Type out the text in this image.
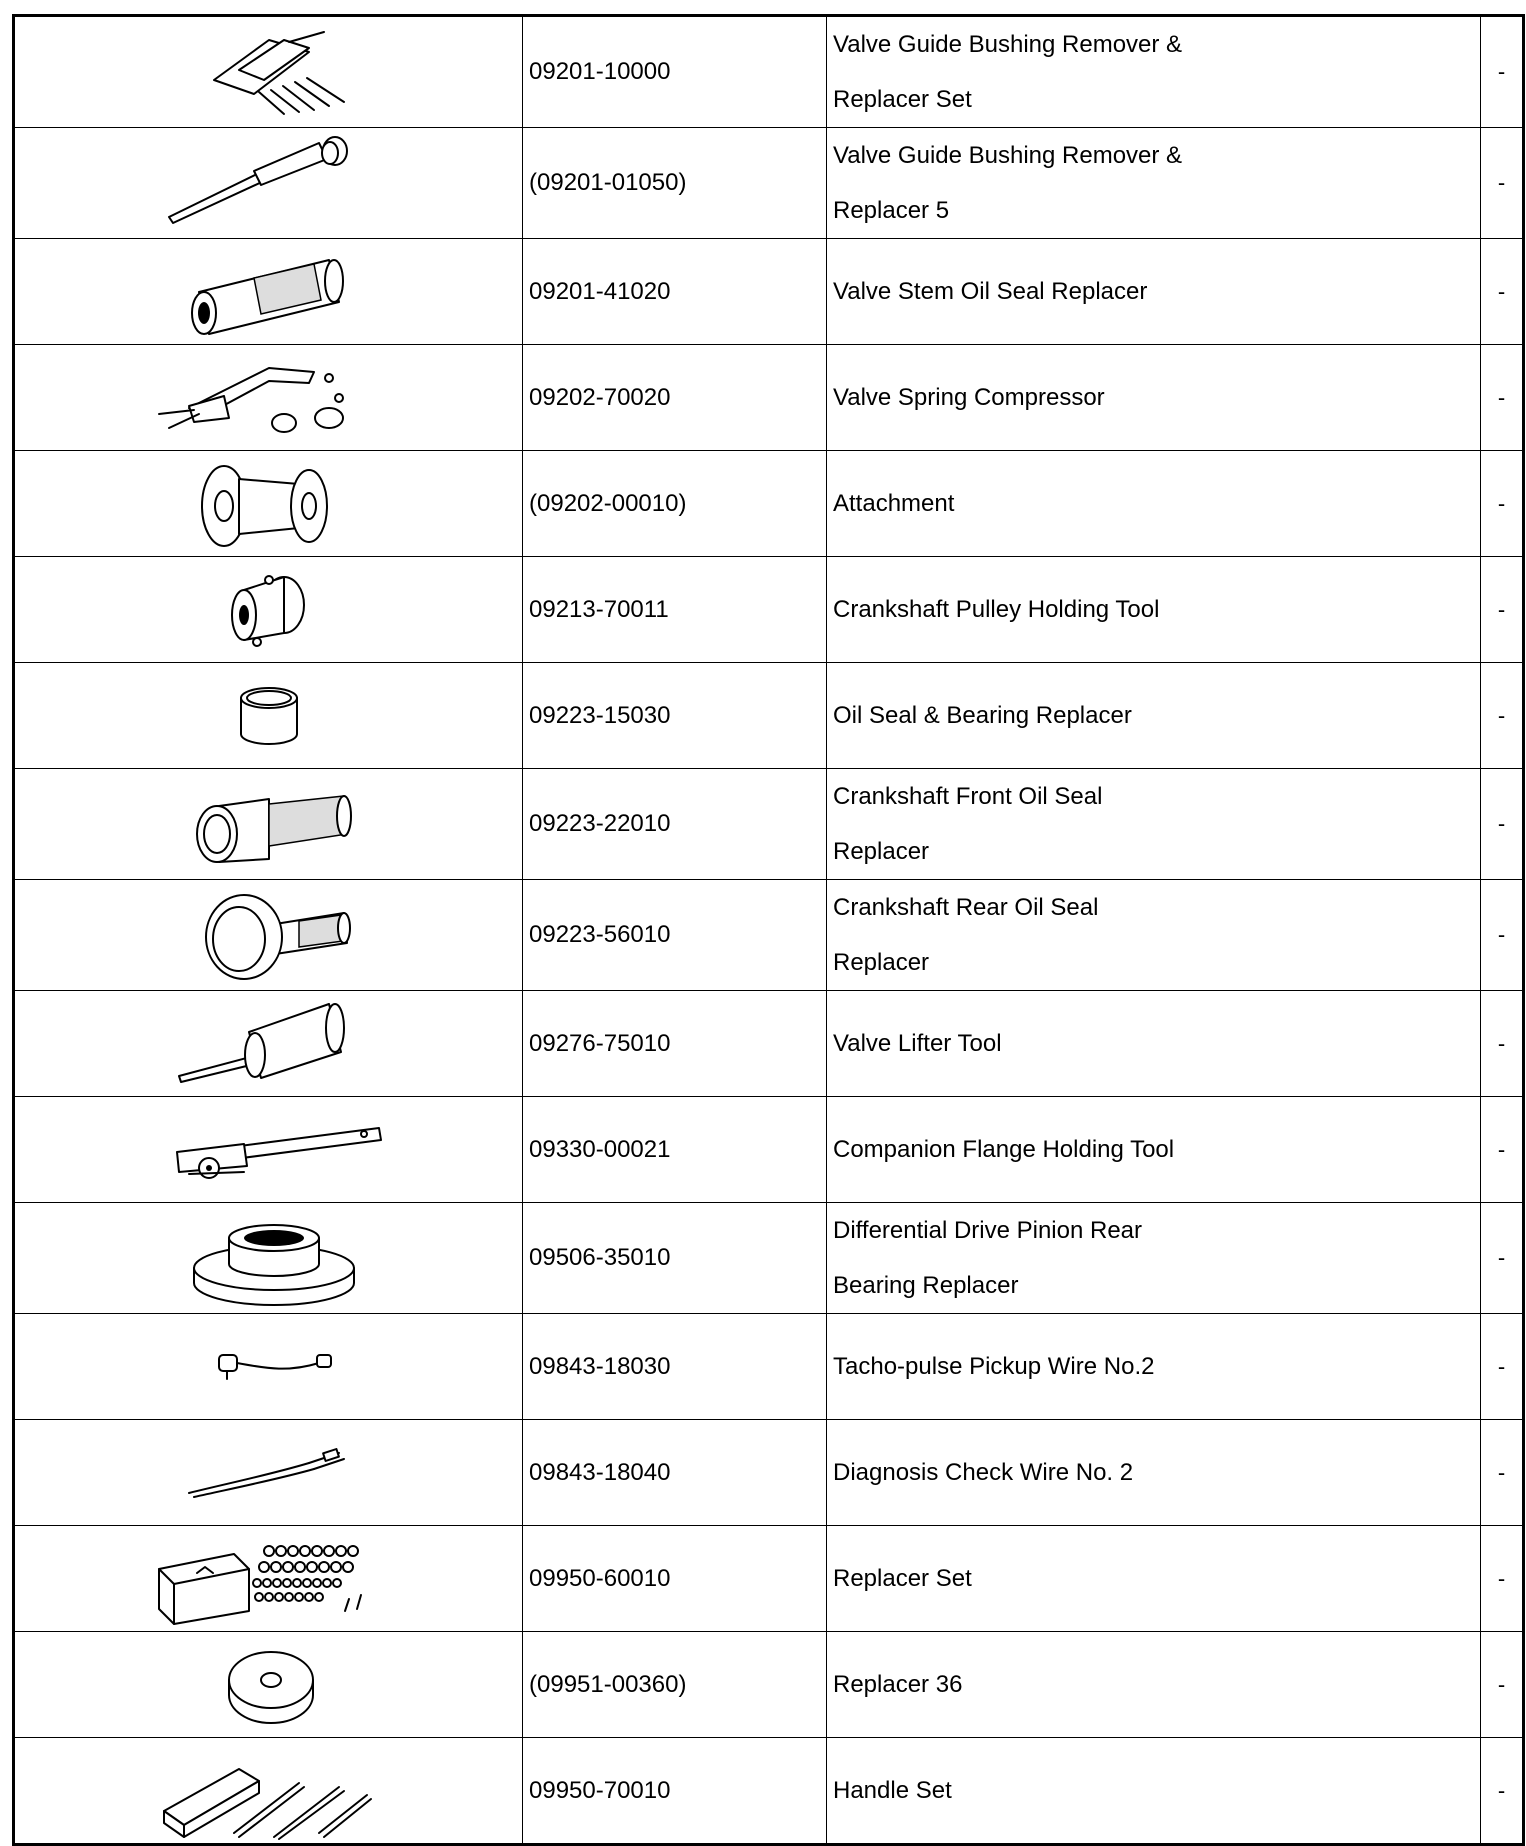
	09201-10000	Valve Guide Bushing Remover &
Replacer Set	-

	(09201-01050)	Valve Guide Bushing Remover &
Replacer 5	-

	09201-41020	Valve Stem Oil Seal Replacer	-

	09202-70020	Valve Spring Compressor	-

	(09202-00010)	Attachment	-

	09213-70011	Crankshaft Pulley Holding Tool	-

	09223-15030	Oil Seal & Bearing Replacer	-

	09223-22010	Crankshaft Front Oil Seal
Replacer	-

	09223-56010	Crankshaft Rear Oil Seal
Replacer	-

	09276-75010	Valve Lifter Tool	-

	09330-00021	Companion Flange Holding Tool	-

	09506-35010	Differential Drive Pinion Rear
Bearing Replacer	-

	09843-18030	Tacho-pulse Pickup Wire No.2	-

	09843-18040	Diagnosis Check Wire No. 2	-

	09950-60010	Replacer Set	-

	(09951-00360)	Replacer 36	-

	09950-70010	Handle Set	-
